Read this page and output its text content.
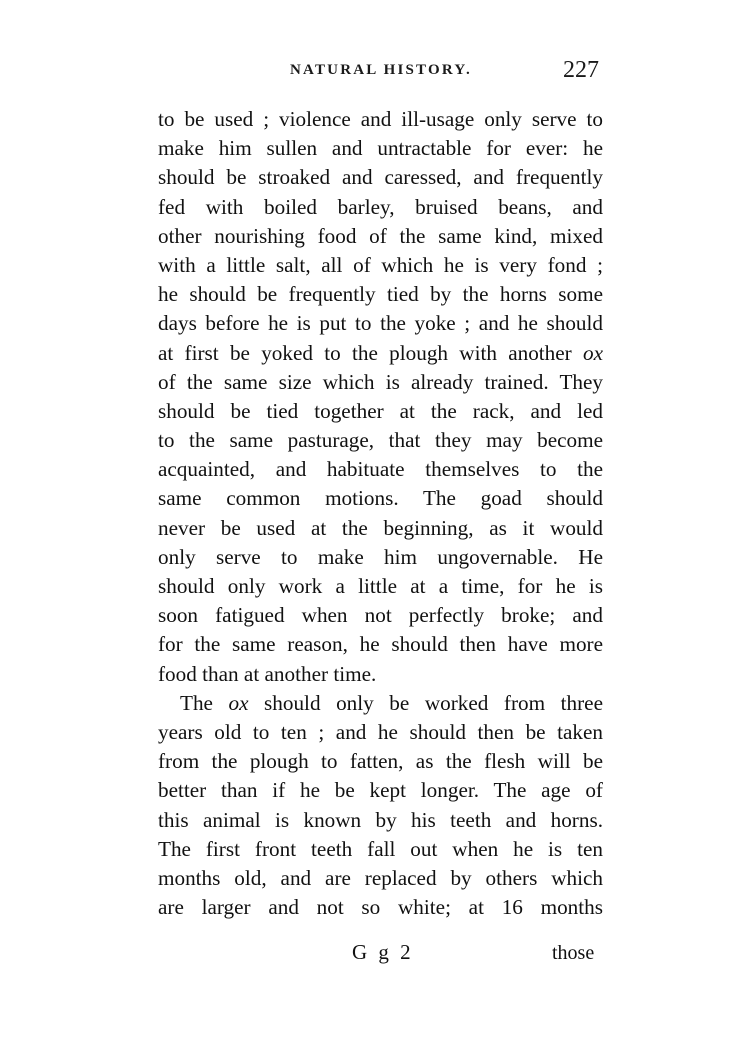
NATURAL HISTORY.	227
to be used ; violence and ill-usage only serve to
make him sullen and untractable for ever: he
should be stroaked and caressed, and frequently
fed with boiled barley, bruised beans, and
other nourishing food of the same kind, mixed
with a little salt, all of which he is very fond ;
he should be frequently tied by the horns some
days before he is put to the yoke ; and he should
at first be yoked to the plough with another ox
of the same size which is already trained. They
should be tied together at the rack, and led
to the same pasturage, that they may become
acquainted, and habituate themselves to the
same common motions. The goad should
never be used at the beginning, as it would
only serve to make him ungovernable. He
should only work a little at a time, for he is
soon fatigued when not perfectly broke; and
for the same reason, he should then have more
food than at another time.
The ox should only be worked from three
years old to ten ; and he should then be taken
from the plough to fatten, as the flesh will be
better than if he be kept longer. The age of
this animal is known by his teeth and horns.
The first front teeth fall out when he is ten
months old, and are replaced by others which
are larger and not so white; at 16 months
G g 2	those
